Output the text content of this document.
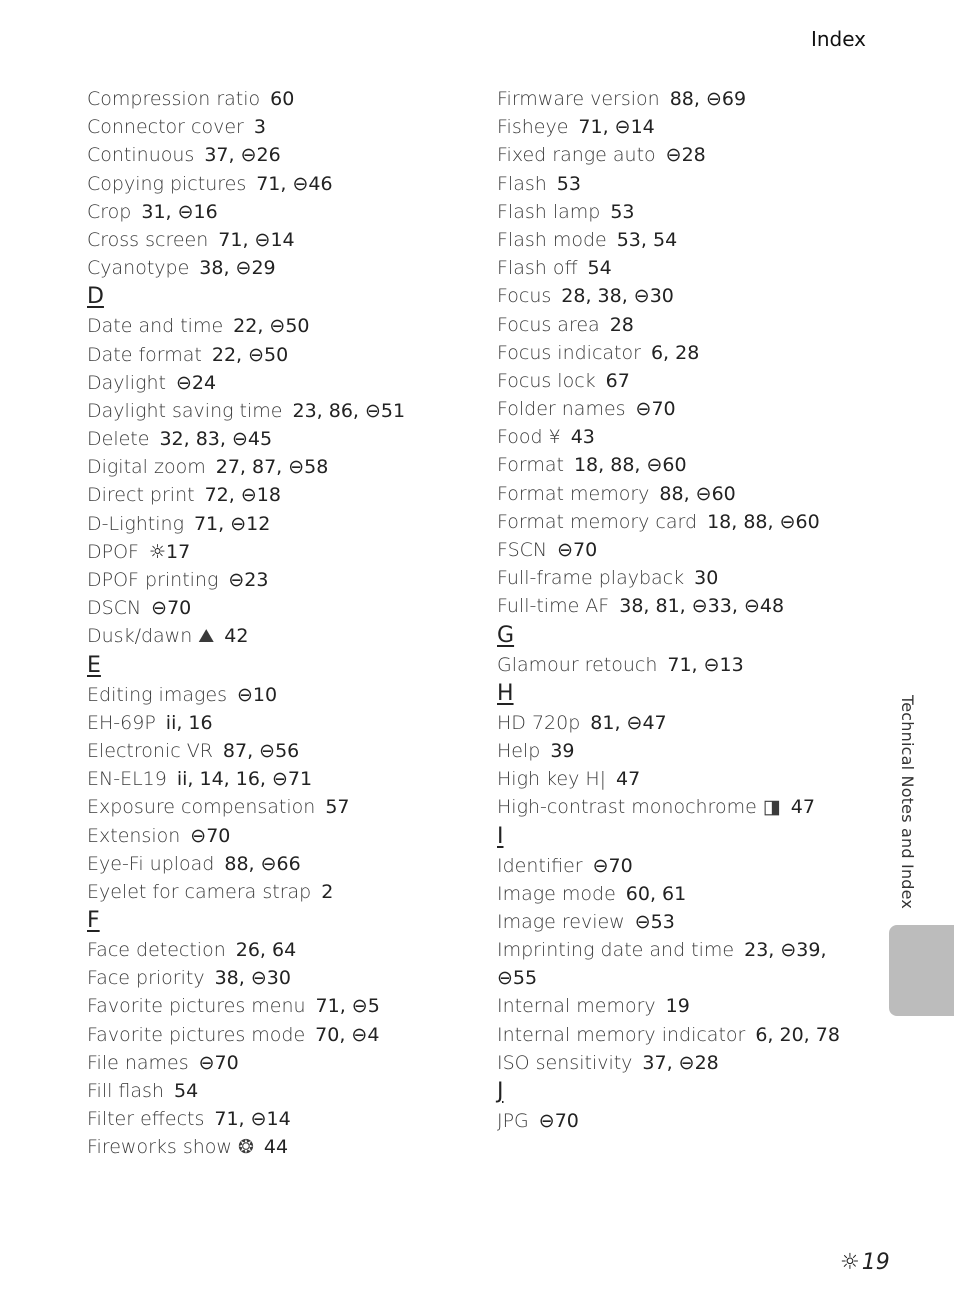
Index
Compression ratio 60
Connector cover 3
Continuous 37, ⊖26
Copying pictures 71, ⊖46
Crop 31, ⊖16
Cross screen 71, ⊖14
Cyanotype 38, ⊖29
D
Date and time 22, ⊖50
Date format 22, ⊖50
Daylight ⊖24
Daylight saving time 23, 86, ⊖51
Delete 32, 83, ⊖45
Digital zoom 27, 87, ⊖58
Direct print 72, ⊖18
D-Lighting 71, ⊖12
DPOF ☼17
DPOF printing ⊖23
DSCN ⊖70
Dusk/dawn ⛰ 42
E
Editing images ⊖10
EH-69P ii, 16
Electronic VR 87, ⊖56
EN-EL19 ii, 14, 16, ⊖71
Exposure compensation 57
Extension ⊖70
Eye-Fi upload 88, ⊖66
Eyelet for camera strap 2
F
Face detection 26, 64
Face priority 38, ⊖30
Favorite pictures menu 71, ⊖5
Favorite pictures mode 70, ⊖4
File names ⊖70
Fill flash 54
Filter effects 71, ⊖14
Fireworks show ❂ 44
Firmware version 88, ⊖69
Fisheye 71, ⊖14
Fixed range auto ⊖28
Flash 53
Flash lamp 53
Flash mode 53, 54
Flash off 54
Focus 28, 38, ⊖30
Focus area 28
Focus indicator 6, 28
Focus lock 67
Folder names ⊖70
Food ¥ 43
Format 18, 88, ⊖60
Format memory 88, ⊖60
Format memory card 18, 88, ⊖60
FSCN ⊖70
Full-frame playback 30
Full-time AF 38, 81, ⊖33, ⊖48
G
Glamour retouch 71, ⊖13
H
HD 720p 81, ⊖47
Help 39
High key H| 47
High-contrast monochrome ◨ 47
I
Identifier ⊖70
Image mode 60, 61
Image review ⊖53
Imprinting date and time 23, ⊖39,
⊖55
Internal memory 19
Internal memory indicator 6, 20, 78
ISO sensitivity 37, ⊖28
J
JPG ⊖70
Technical Notes and Index
☼19
